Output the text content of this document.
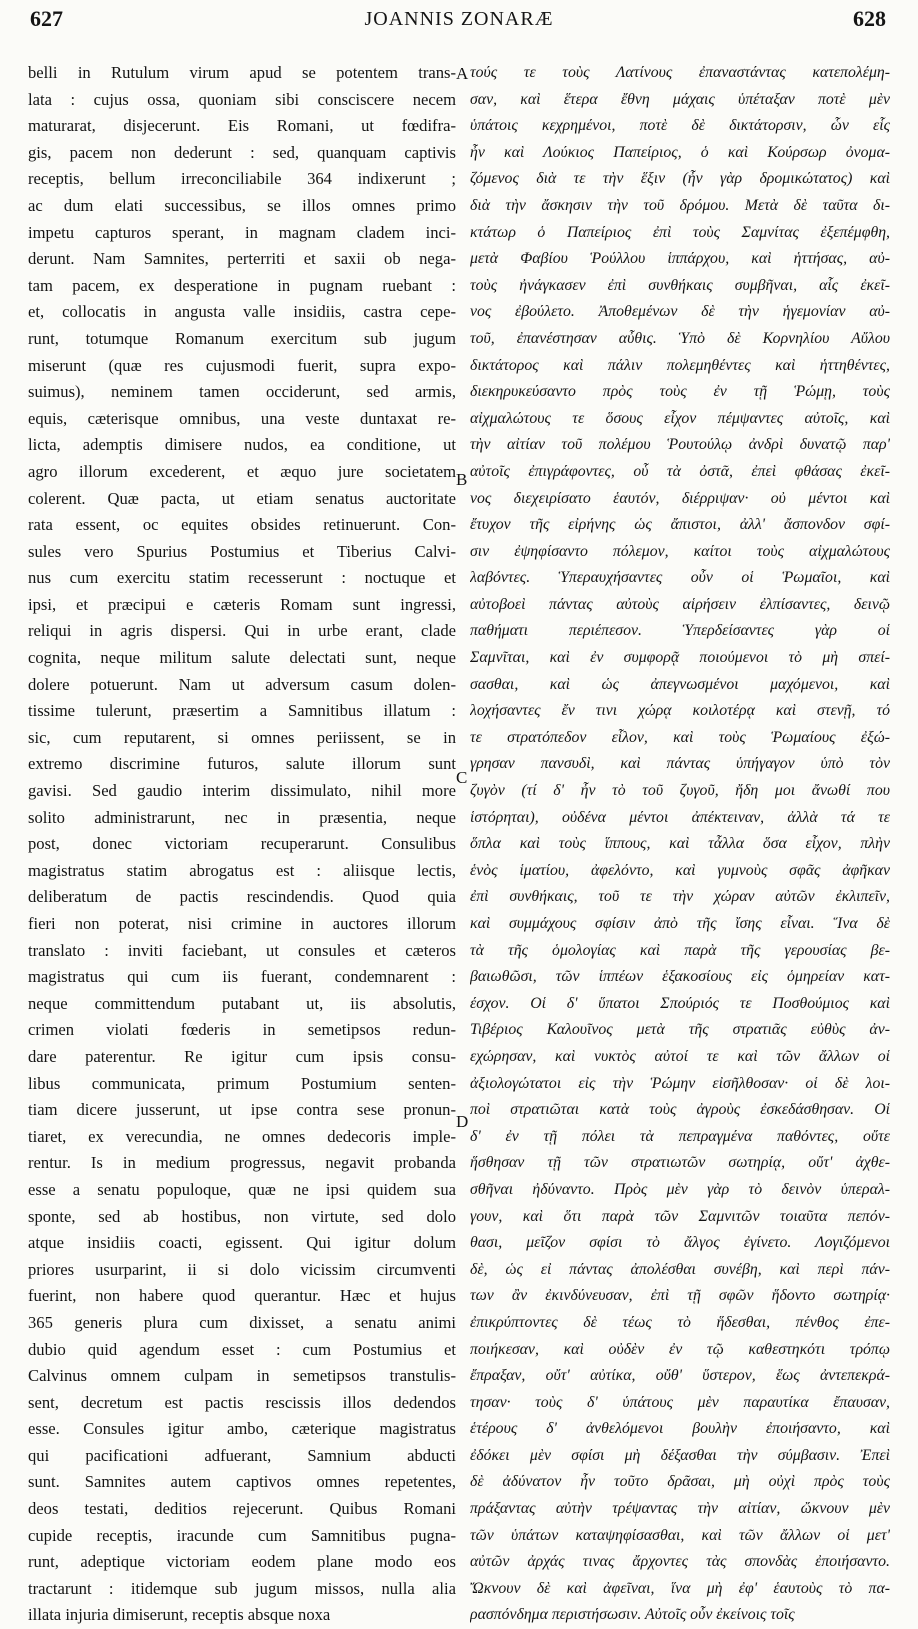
627	JOANNIS ZONARÆ	628
belli in Rutulum virum apud se potentem trans-
lata : cujus ossa, quoniam sibi consciscere necem
maturarat, disjecerunt. Eis Romani, ut fœdifra-
gis, pacem non dederunt : sed, quanquam captivis
receptis, bellum irreconciliabile 364 indixerunt ;
ac dum elati successibus, se illos omnes primo
impetu capturos sperant, in magnam cladem inci-
derunt. Nam Samnites, perterriti et saxii ob nega-
tam pacem, ex desperatione in pugnam ruebant :
et, collocatis in angusta valle insidiis, castra cepe-
runt, totumque Romanum exercitum sub jugum
miserunt (quæ res cujusmodi fuerit, supra expo-
suimus), neminem tamen occiderunt, sed armis,
equis, cæterisque omnibus, una veste duntaxat re-
licta, ademptis dimisere nudos, ea conditione, ut
agro illorum excederent, et æquo jure societatem
colerent. Quæ pacta, ut etiam senatus auctoritate
rata essent, oc equites obsides retinuerunt. Con-
sules vero Spurius Postumius et Tiberius Calvi-
nus cum exercitu statim recesserunt : noctuque et
ipsi, et præcipui e cæteris Romam sunt ingressi,
reliqui in agris dispersi. Qui in urbe erant, clade
cognita, neque militum salute delectati sunt, neque
dolere potuerunt. Nam ut adversum casum dolen-
tissime tulerunt, præsertim a Samnitibus illatum :
sic, cum reputarent, si omnes periissent, se in
extremo discrimine futuros, salute illorum sunt
gavisi. Sed gaudio interim dissimulato, nihil more
solito administrarunt, nec in præsentia, neque
post, donec victoriam recuperarunt. Consulibus
magistratus statim abrogatus est : aliisque lectis,
deliberatum de pactis rescindendis. Quod quia
fieri non poterat, nisi crimine in auctores illorum
translato : inviti faciebant, ut consules et cæteros
magistratus qui cum iis fuerant, condemnarent :
neque committendum putabant ut, iis absolutis,
crimen violati fœderis in semetipsos redun-
dare paterentur. Re igitur cum ipsis consu-
libus communicata, primum Postumium senten-
tiam dicere jusserunt, ut ipse contra sese pronun-
tiaret, ex verecundia, ne omnes dedecoris imple-
rentur. Is in medium progressus, negavit probanda
esse a senatu populoque, quæ ne ipsi quidem sua
sponte, sed ab hostibus, non virtute, sed dolo
atque insidiis coacti, egissent. Qui igitur dolum
priores usurparint, ii si dolo vicissim circumventi
fuerint, non habere quod querantur. Hæc et hujus
365 generis plura cum dixisset, a senatu animi
dubio quid agendum esset : cum Postumius et
Calvinus omnem culpam in semetipsos transtulis-
sent, decretum est pactis rescissis illos dedendos
esse. Consules igitur ambo, cæterique magistratus
qui pacificationi adfuerant, Samnium abducti
sunt. Samnites autem captivos omnes repetentes,
deos testati, deditios rejecerunt. Quibus Romani
cupide receptis, iracunde cum Samnitibus pugna-
runt, adeptique victoriam eodem plane modo eos
tractarunt : itidemque sub jugum missos, nulla alia
illata injuria dimiserunt, receptis absque noxa
τούς τε τοὺς Λατίνους ἐπαναστάντας κατεπολέμη-
σαν, καὶ ἕτερα ἔθνη μάχαις ὑπέταξαν ποτὲ μὲν
ὑπάτοις κεχρημένοι, ποτὲ δὲ δικτάτορσιν, ὧν εἷς
ἦν καὶ Λούκιος Παπείριος, ὁ καὶ Κούρσωρ ὀνομα-
ζόμενος διὰ τε τὴν ἕξιν (ἦν γὰρ δρομικώτατος) καὶ
διὰ τὴν ἄσκησιν τὴν τοῦ δρόμου. Μετὰ δὲ ταῦτα δι-
κτάτωρ ὁ Παπείριος ἐπὶ τοὺς Σαμνίτας ἐξεπέμφθη,
μετὰ Φαβίου Ῥούλλου ἱππάρχου, καὶ ἡττήσας, αὐ-
τοὺς ἠνάγκασεν ἐπὶ συνθήκαις συμβῆναι, αἷς ἐκεῖ-
νος ἐβούλετο. Ἀποθεμένων δὲ τὴν ἡγεμονίαν αὐ-
τοῦ, ἐπανέστησαν αὖθις. Ὑπὸ δὲ Κορνηλίου Αὔλου
δικτάτορος καὶ πάλιν πολεμηθέντες καὶ ἡττηθέντες,
διεκηρυκεύσαντο πρὸς τοὺς ἐν τῇ Ῥώμῃ, τοὺς
αἰχμαλώτους τε ὅσους εἶχον πέμψαντες αὐτοῖς, καὶ
τὴν αἰτίαν τοῦ πολέμου Ῥουτούλῳ ἀνδρὶ δυνατῷ παρ'
αὐτοῖς ἐπιγράφοντες, οὗ τὰ ὀστᾶ, ἐπεὶ φθάσας ἐκεῖ-
νος διεχειρίσατο ἑαυτόν, διέρριψαν· οὐ μέντοι καὶ
ἔτυχον τῆς εἰρήνης ὡς ἄπιστοι, ἀλλ' ἄσπονδον σφί-
σιν ἐψηφίσαντο πόλεμον, καίτοι τοὺς αἰχμαλώτους
λαβόντες. Ὑπεραυχήσαντες οὖν οἱ Ῥωμαῖοι, καὶ
αὐτοβοεὶ πάντας αὐτοὺς αἱρήσειν ἐλπίσαντες, δεινῷ
παθήματι περιέπεσον. Ὑπερδείσαντες γὰρ οἱ
Σαμνῖται, καὶ ἐν συμφορᾷ ποιούμενοι τὸ μὴ σπεί-
σασθαι, καὶ ὡς ἀπεγνωσμένοι μαχόμενοι, καὶ
λοχήσαντες ἔν τινι χώρᾳ κοιλοτέρᾳ καὶ στενῇ, τό
τε στρατόπεδον εἷλον, καὶ τοὺς Ῥωμαίους ἐξώ-
γρησαν πανσυδὶ, καὶ πάντας ὑπήγαγον ὑπὸ τὸν
ζυγὸν (τί δ' ἦν τὸ τοῦ ζυγοῦ, ἤδη μοι ἄνωθί που
ἱστόρηται), οὐδένα μέντοι ἀπέκτειναν, ἀλλὰ τά τε
ὅπλα καὶ τοὺς ἵππους, καὶ τἆλλα ὅσα εἶχον, πλὴν
ἑνὸς ἱματίου, ἀφελόντο, καὶ γυμνοὺς σφᾶς ἀφῆκαν
ἐπὶ συνθήκαις, τοῦ τε τὴν χώραν αὐτῶν ἐκλιπεῖν,
καὶ συμμάχους σφίσιν ἀπὸ τῆς ἴσης εἶναι. Ἵνα δὲ
τὰ τῆς ὁμολογίας καὶ παρὰ τῆς γερουσίας βε-
βαιωθῶσι, τῶν ἱππέων ἑξακοσίους εἰς ὁμηρείαν κατ-
έσχον. Οἱ δ' ὕπατοι Σπούριός τε Ποσθούμιος καὶ
Τιβέριος Καλουῖνος μετὰ τῆς στρατιᾶς εὐθὺς ἀν-
εχώρησαν, καὶ νυκτὸς αὐτοί τε καὶ τῶν ἄλλων οἱ
ἀξιολογώτατοι εἰς τὴν Ῥώμην εἰσῆλθοσαν· οἱ δὲ λοι-
ποὶ στρατιῶται κατὰ τοὺς ἀγροὺς ἐσκεδάσθησαν. Οἱ
δ' ἐν τῇ πόλει τὰ πεπραγμένα παθόντες, οὔτε
ἥσθησαν τῇ τῶν στρατιωτῶν σωτηρίᾳ, οὔτ' ἀχθε-
σθῆναι ἠδύναντο. Πρὸς μὲν γὰρ τὸ δεινὸν ὑπεραλ-
γουν, καὶ ὅτι παρὰ τῶν Σαμνιτῶν τοιαῦτα πεπόν-
θασι, μεῖζον σφίσι τὸ ἄλγος ἐγίνετο. Λογιζόμενοι
δὲ, ὡς εἰ πάντας ἀπολέσθαι συνέβη, καὶ περὶ πάν-
των ἂν ἐκινδύνευσαν, ἐπὶ τῇ σφῶν ἥδοντο σωτηρίᾳ·
ἐπικρύπτοντες δὲ τέως τὸ ἥδεσθαι, πένθος ἐπε-
ποιήκεσαν, καὶ οὐδὲν ἐν τῷ καθεστηκότι τρόπῳ
ἔπραξαν, οὔτ' αὐτίκα, οὔθ' ὕστερον, ἕως ἀντεπεκρά-
τησαν· τοὺς δ' ὑπάτους μὲν παραυτίκα ἔπαυσαν,
ἑτέρους δ' ἀνθελόμενοι βουλὴν ἐποιήσαντο, καὶ
ἐδόκει μὲν σφίσι μὴ δέξασθαι τὴν σύμβασιν. Ἐπεὶ
δὲ ἀδύνατον ἦν τοῦτο δρᾶσαι, μὴ οὐχὶ πρὸς τοὺς
πράξαντας αὐτὴν τρέψαντας τὴν αἰτίαν, ὤκνουν μὲν
τῶν ὑπάτων καταψηφίσασθαι, καὶ τῶν ἄλλων οἱ μετ'
αὐτῶν ἀρχάς τινας ἄρχοντες τὰς σπονδὰς ἐποιήσαντο.
Ὤκνουν δὲ καὶ ἀφεῖναι, ἵνα μὴ ἐφ' ἑαυτοὺς τὸ πα-
ρασπόνδημα περιστήσωσιν. Αὐτοῖς οὖν ἐκείνοις τοῖς
A
B
C
D
